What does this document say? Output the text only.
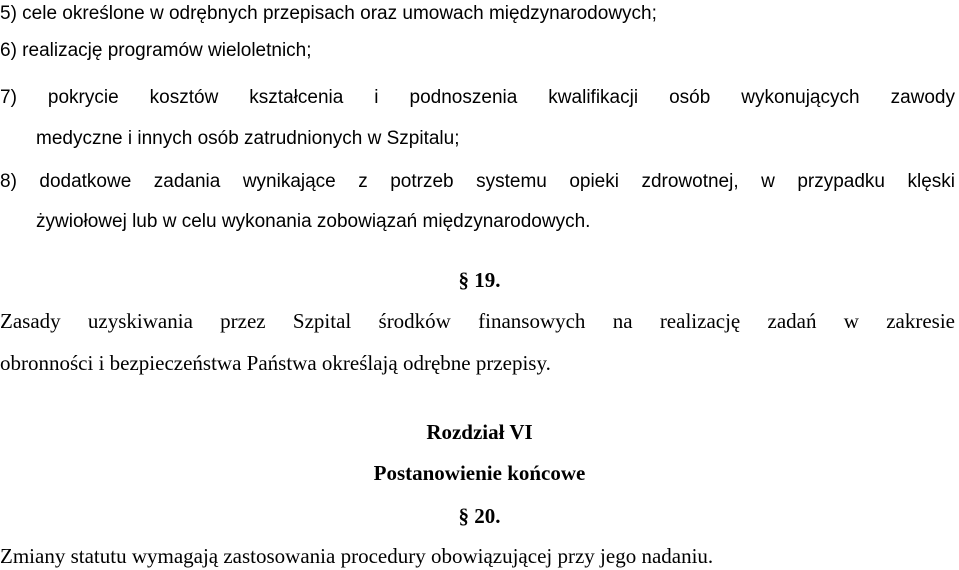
5) cele określone w odrębnych przepisach oraz umowach międzynarodowych;
6) realizację programów wieloletnich;
7) pokrycie kosztów kształcenia i podnoszenia kwalifikacji osób wykonujących zawody
medyczne i innych osób zatrudnionych w Szpitalu;
8) dodatkowe zadania wynikające z potrzeb systemu opieki zdrowotnej, w przypadku klęski
żywiołowej lub w celu wykonania zobowiązań międzynarodowych.
§ 19.
Zasady uzyskiwania przez Szpital środków finansowych na realizację zadań w zakresie
obronności i bezpieczeństwa Państwa określają odrębne przepisy.
Rozdział VI
Postanowienie końcowe
§ 20.
Zmiany statutu wymagają zastosowania procedury obowiązującej przy jego nadaniu.
